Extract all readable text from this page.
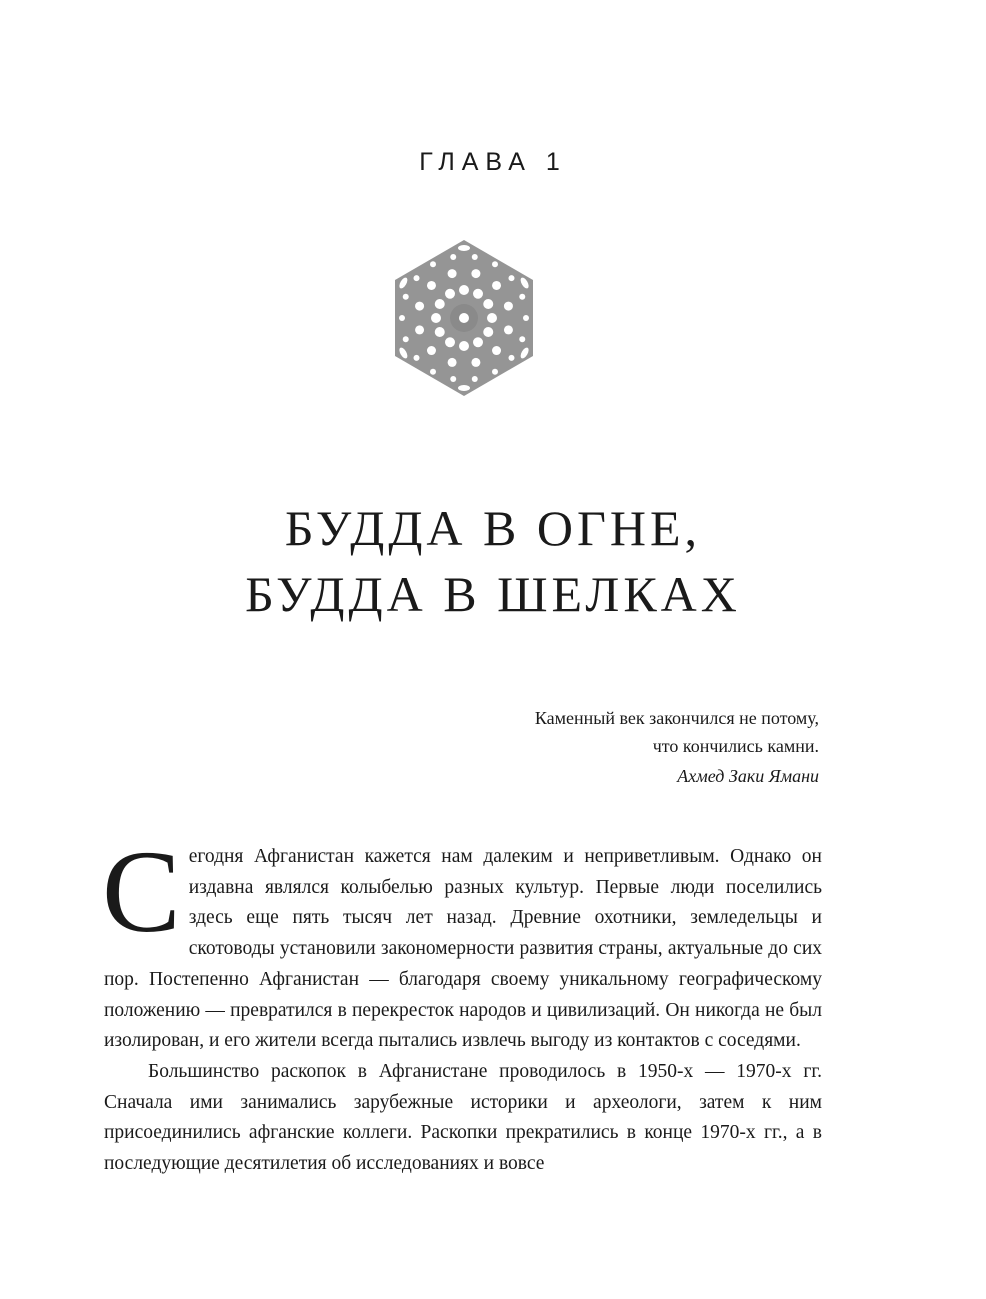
ГЛАВА 1
БУДДА В ОГНЕ,
БУДДА В ШЕЛКАХ
Каменный век закончился не потому,
что кончились камни.
Ахмед Заки Ямани

Сегодня Афганистан кажется нам далеким и неприветливым. Однако он издавна являлся колыбелью разных культур. Первые люди поселились здесь еще пять тысяч лет назад. Древние охотники, земледельцы и скотоводы установили закономерности развития страны, актуальные до сих пор. Постепенно Афганистан — благодаря своему уникальному географическому положению — превратился в перекресток народов и цивилизаций. Он никогда не был изолирован, и его жители всегда пытались извлечь выгоду из контактов с соседями.

Большинство раскопок в Афганистане проводилось в 1950-х — 1970-х гг. Сначала ими занимались зарубежные историки и археологи, затем к ним присоединились афганские коллеги. Раскопки прекратились в конце 1970-х гг., а в последующие десятилетия об исследованиях и вовсе
